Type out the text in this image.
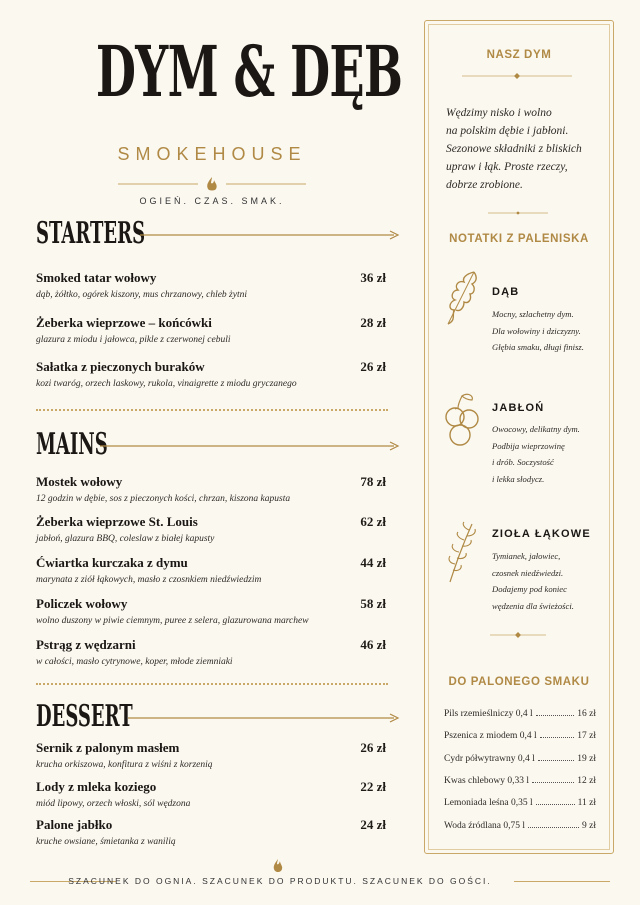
DYM & DĘB
SMOKEHOUSE
OGIEŃ. CZAS. SMAK.
STARTERS
Smoked tatar wołowy	36 zł
dąb, żółtko, ogórek kiszony, mus chrzanowy, chleb żytni
Żeberka wieprzowe – końcówki	28 zł
glazura z miodu i jałowca, pikle z czerwonej cebuli
Sałatka z pieczonych buraków	26 zł
kozi twaróg, orzech laskowy, rukola, vinaigrette z miodu gryczanego
MAINS
Mostek wołowy	78 zł
12 godzin w dębie, sos z pieczonych kości, chrzan, kiszona kapusta
Żeberka wieprzowe St. Louis	62 zł
jabłoń, glazura BBQ, coleslaw z białej kapusty
Ćwiartka kurczaka z dymu	44 zł
marynata z ziół łąkowych, masło z czosnkiem niedźwiedzim
Policzek wołowy	58 zł
wolno duszony w piwie ciemnym, puree z selera, glazurowana marchew
Pstrąg z wędzarni	46 zł
w całości, masło cytrynowe, koper, młode ziemniaki
DESSERT
Sernik z palonym masłem	26 zł
krucha orkiszowa, konfitura z wiśni z korzenią
Lody z mleka koziego	22 zł
miód lipowy, orzech włoski, sól wędzona
Palone jabłko	24 zł
kruche owsiane, śmietanka z wanilią
NASZ DYM
Wędzimy nisko i wolno
na polskim dębie i jabłoni.
Sezonowe składniki z bliskich
upraw i łąk. Proste rzeczy,
dobrze zrobione.
NOTATKI Z PALENISKA
DĄB
Mocny, szlachetny dym.
Dla wołowiny i dziczyzny.
Głębia smaku, długi finisz.
JABŁOŃ
Owocowy, delikatny dym.
Podbija wieprzowinę
i drób. Soczystość
i lekka słodycz.
ZIOŁA ŁĄKOWE
Tymianek, jałowiec,
czosnek niedźwiedzi.
Dodajemy pod koniec
wędzenia dla świeżości.
DO PALONEGO SMAKU
Pils rzemieślniczy 0,4 l	16 zł
Pszenica z miodem 0,4 l	17 zł
Cydr półwytrawny 0,4 l	19 zł
Kwas chlebowy 0,33 l	12 zł
Lemoniada leśna 0,35 l	11 zł
Woda źródlana 0,75 l	9 zł
SZACUNEK DO OGNIA. SZACUNEK DO PRODUKTU. SZACUNEK DO GOŚCI.
